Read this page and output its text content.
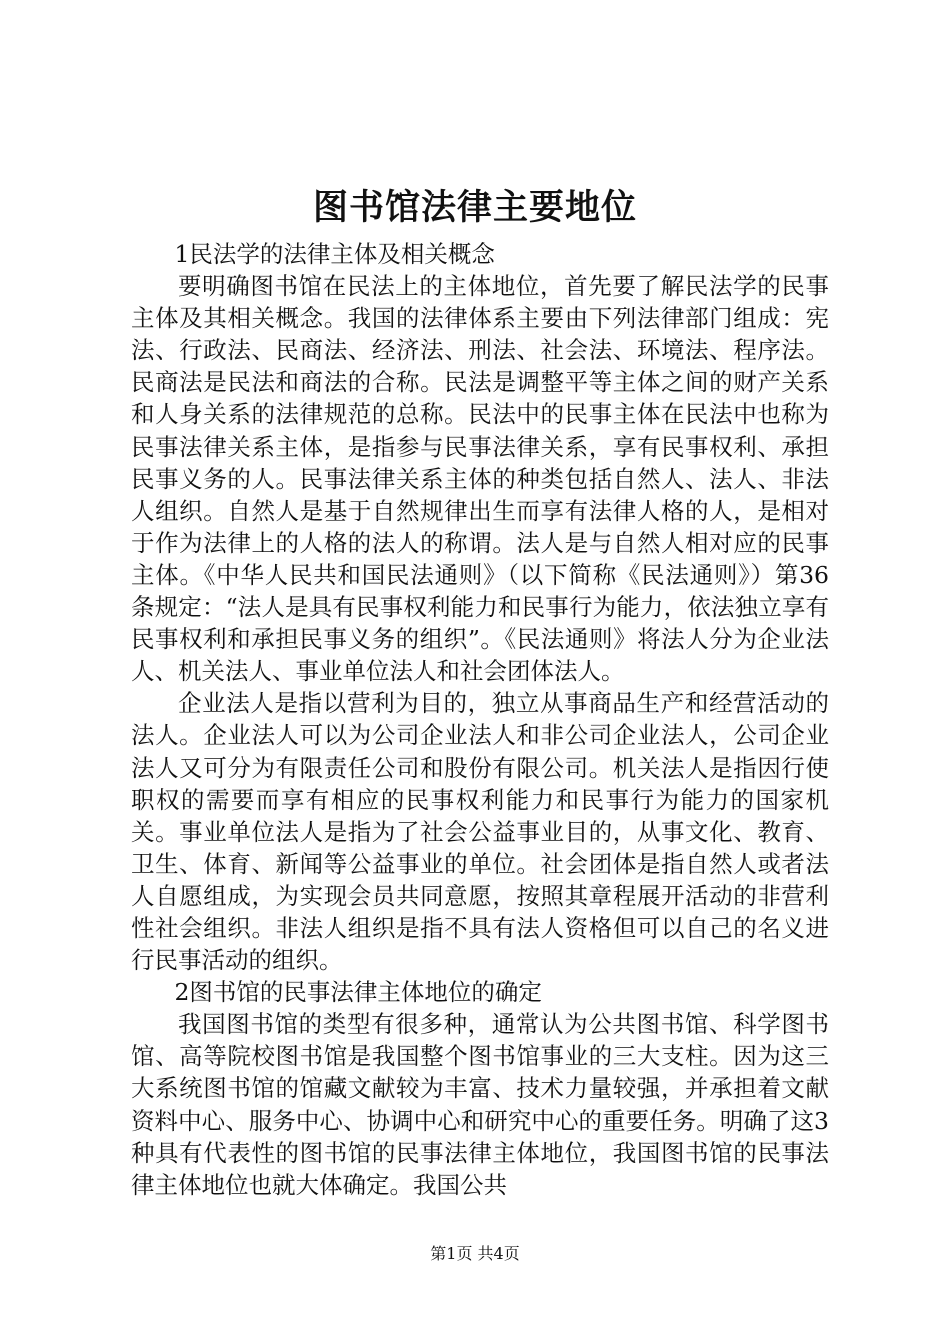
图书馆法律主要地位

1民法学的法律主体及相关概念

要明确图书馆在民法上的主体地位，首先要了解民法学的民事主体及其相关概念。我国的法律体系主要由下列法律部门组成：宪法、行政法、民商法、经济法、刑法、社会法、环境法、程序法。民商法是民法和商法的合称。民法是调整平等主体之间的财产关系和人身关系的法律规范的总称。民法中的民事主体在民法中也称为民事法律关系主体，是指参与民事法律关系，享有民事权利、承担民事义务的人。民事法律关系主体的种类包括自然人、法人、非法人组织。自然人是基于自然规律出生而享有法律人格的人，是相对于作为法律上的人格的法人的称谓。法人是与自然人相对应的民事主体。《中华人民共和国民法通则》（以下简称《民法通则》）第36条规定：“法人是具有民事权利能力和民事行为能力，依法独立享有民事权利和承担民事义务的组织”。《民法通则》将法人分为企业法人、机关法人、事业单位法人和社会团体法人。

企业法人是指以营利为目的，独立从事商品生产和经营活动的法人。企业法人可以为公司企业法人和非公司企业法人，公司企业法人又可分为有限责任公司和股份有限公司。机关法人是指因行使职权的需要而享有相应的民事权利能力和民事行为能力的国家机关。事业单位法人是指为了社会公益事业目的，从事文化、教育、卫生、体育、新闻等公益事业的单位。社会团体是指自然人或者法人自愿组成，为实现会员共同意愿，按照其章程展开活动的非营利性社会组织。非法人组织是指不具有法人资格但可以自己的名义进行民事活动的组织。

2图书馆的民事法律主体地位的确定

我国图书馆的类型有很多种，通常认为公共图书馆、科学图书馆、高等院校图书馆是我国整个图书馆事业的三大支柱。因为这三大系统图书馆的馆藏文献较为丰富、技术力量较强，并承担着文献资料中心、服务中心、协调中心和研究中心的重要任务。明确了这3种具有代表性的图书馆的民事法律主体地位，我国图书馆的民事法律主体地位也就大体确定。我国公共

第1页 共4页
